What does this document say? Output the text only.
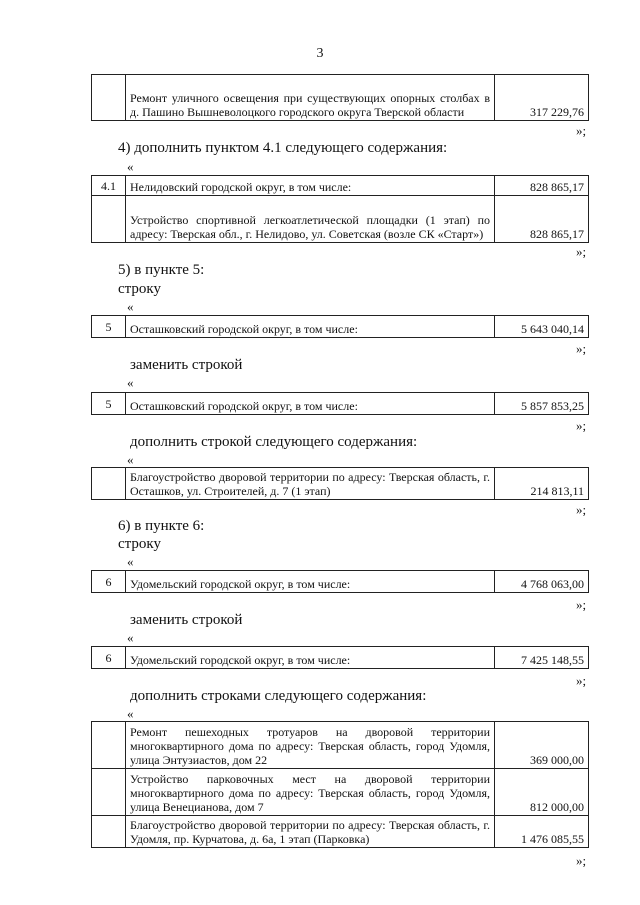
3
	Ремонт уличного освещения при существующих опорных столбах в д. Пашино Вышневолоцкого городского округа Тверской области	317 229,76
»;
4) дополнить пунктом 4.1 следующего содержания:
«
4.1	Нелидовский городской округ, в том числе:	828 865,17
	Устройство спортивной легкоатлетической площадки (1 этап) по адресу: Тверская обл., г. Нелидово, ул. Советская (возле СК «Старт»)	828 865,17
»;
5) в пункте 5:
строку
«
5	Осташковский городской округ, в том числе:	5 643 040,14
»;
заменить строкой
«
5	Осташковский городской округ, в том числе:	5 857 853,25
»;
дополнить строкой следующего содержания:
«
	Благоустройство дворовой территории по адресу: Тверская область, г. Осташков, ул. Строителей, д. 7 (1 этап)	214 813,11
»;
6) в пункте 6:
строку
«
6	Удомельский городской округ, в том числе:	4 768 063,00
»;
заменить строкой
«
6	Удомельский городской округ, в том числе:	7 425 148,55
»;
дополнить строками следующего содержания:
«
	Ремонт пешеходных тротуаров на дворовой территории многоквартирного дома по адресу: Тверская область, город Удомля, улица Энтузиастов, дом 22	369 000,00
	Устройство парковочных мест на дворовой территории многоквартирного дома по адресу: Тверская область, город Удомля, улица Венецианова, дом 7	812 000,00
	Благоустройство дворовой территории по адресу: Тверская область, г. Удомля, пр. Курчатова, д. 6а, 1 этап (Парковка)	1 476 085,55
»;
